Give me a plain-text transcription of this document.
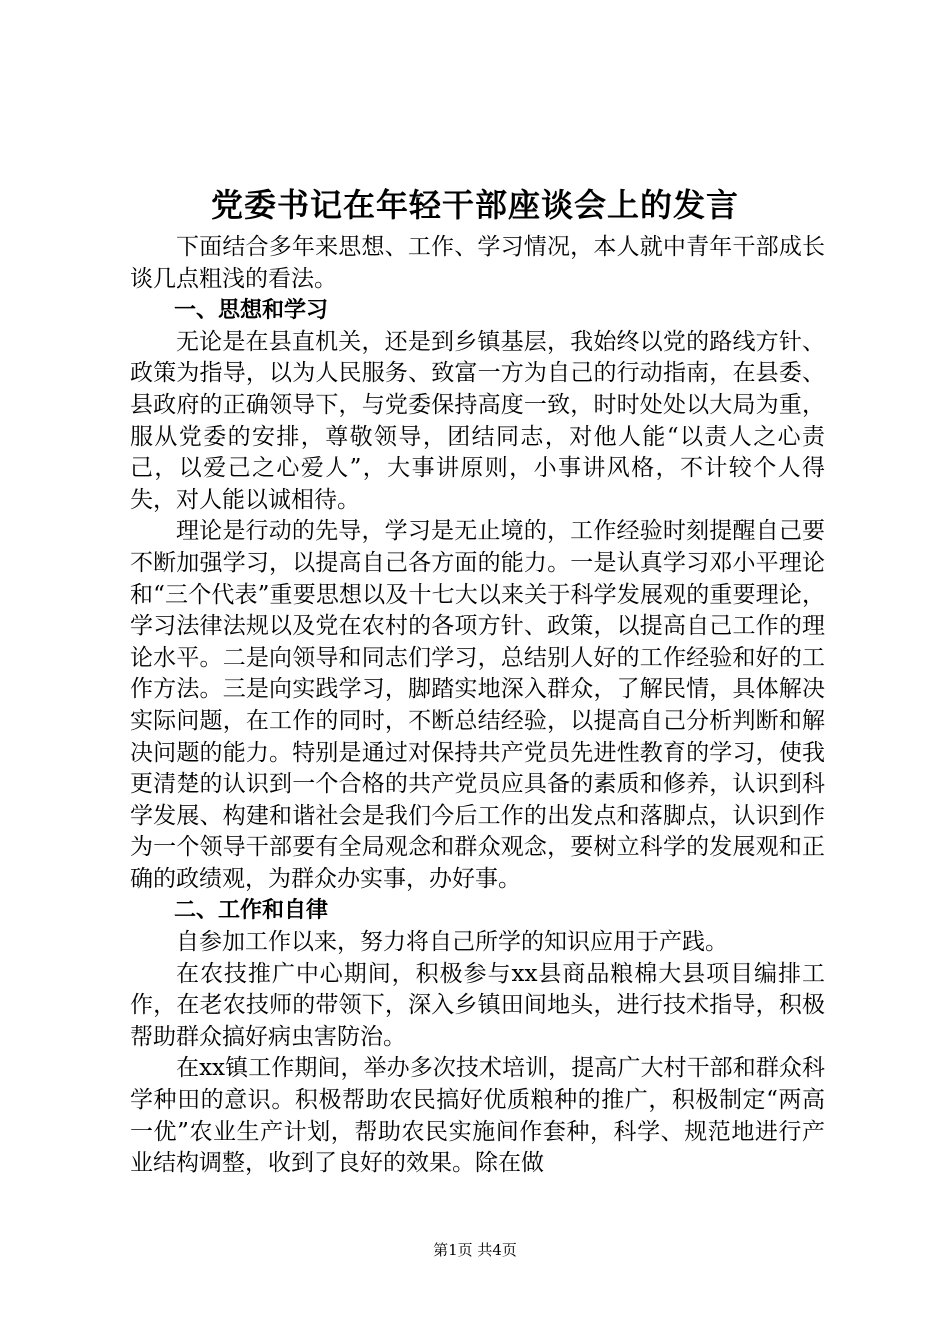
党委书记在年轻干部座谈会上的发言

下面结合多年来思想、工作、学习情况，本人就中青年干部成长谈几点粗浅的看法。

一、思想和学习

无论是在县直机关，还是到乡镇基层，我始终以党的路线方针、政策为指导，以为人民服务、致富一方为自己的行动指南，在县委、县政府的正确领导下，与党委保持高度一致，时时处处以大局为重，服从党委的安排，尊敬领导，团结同志，对他人能“以责人之心责己，以爱己之心爱人”，大事讲原则，小事讲风格，不计较个人得失，对人能以诚相待。

理论是行动的先导，学习是无止境的，工作经验时刻提醒自己要不断加强学习，以提高自己各方面的能力。一是认真学习邓小平理论和“三个代表”重要思想以及十七大以来关于科学发展观的重要理论，学习法律法规以及党在农村的各项方针、政策，以提高自己工作的理论水平。二是向领导和同志们学习，总结别人好的工作经验和好的工作方法。三是向实践学习，脚踏实地深入群众，了解民情，具体解决实际问题，在工作的同时，不断总结经验，以提高自己分析判断和解决问题的能力。特别是通过对保持共产党员先进性教育的学习，使我更清楚的认识到一个合格的共产党员应具备的素质和修养，认识到科学发展、构建和谐社会是我们今后工作的出发点和落脚点，认识到作为一个领导干部要有全局观念和群众观念，要树立科学的发展观和正确的政绩观，为群众办实事，办好事。

二、工作和自律

自参加工作以来，努力将自己所学的知识应用于产践。

在农技推广中心期间，积极参与xx县商品粮棉大县项目编排工作，在老农技师的带领下，深入乡镇田间地头，进行技术指导，积极帮助群众搞好病虫害防治。

在xx镇工作期间，举办多次技术培训，提高广大村干部和群众科学种田的意识。积极帮助农民搞好优质粮种的推广，积极制定“两高一优”农业生产计划，帮助农民实施间作套种，科学、规范地进行产业结构调整，收到了良好的效果。除在做

第1页 共4页
